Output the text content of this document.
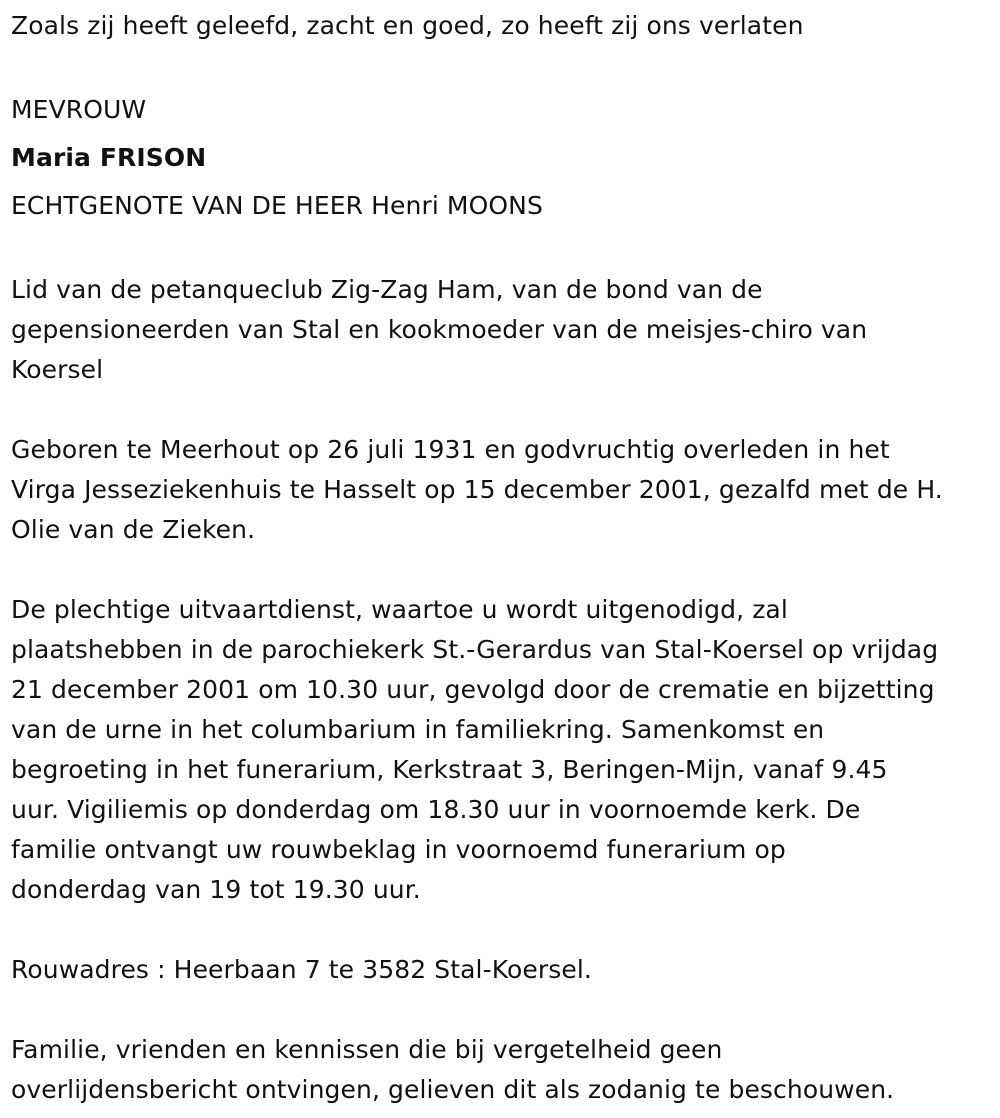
Zoals zij heeft geleefd, zacht en goed, zo heeft zij ons verlaten
MEVROUW
Maria FRISON
ECHTGENOTE VAN DE HEER Henri MOONS
Lid van de petanqueclub Zig-Zag Ham, van de bond van de
gepensioneerden van Stal en kookmoeder van de meisjes-chiro van
Koersel
Geboren te Meerhout op 26 juli 1931 en godvruchtig overleden in het
Virga Jesseziekenhuis te Hasselt op 15 december 2001, gezalfd met de H.
Olie van de Zieken.
De plechtige uitvaartdienst, waartoe u wordt uitgenodigd, zal
plaatshebben in de parochiekerk St.-Gerardus van Stal-Koersel op vrijdag
21 december 2001 om 10.30 uur, gevolgd door de crematie en bijzetting
van de urne in het columbarium in familiekring. Samenkomst en
begroeting in het funerarium, Kerkstraat 3, Beringen-Mijn, vanaf 9.45
uur. Vigiliemis op donderdag om 18.30 uur in voornoemde kerk. De
familie ontvangt uw rouwbeklag in voornoemd funerarium op
donderdag van 19 tot 19.30 uur.
Rouwadres : Heerbaan 7 te 3582 Stal-Koersel.
Familie, vrienden en kennissen die bij vergetelheid geen
overlijdensbericht ontvingen, gelieven dit als zodanig te beschouwen.
